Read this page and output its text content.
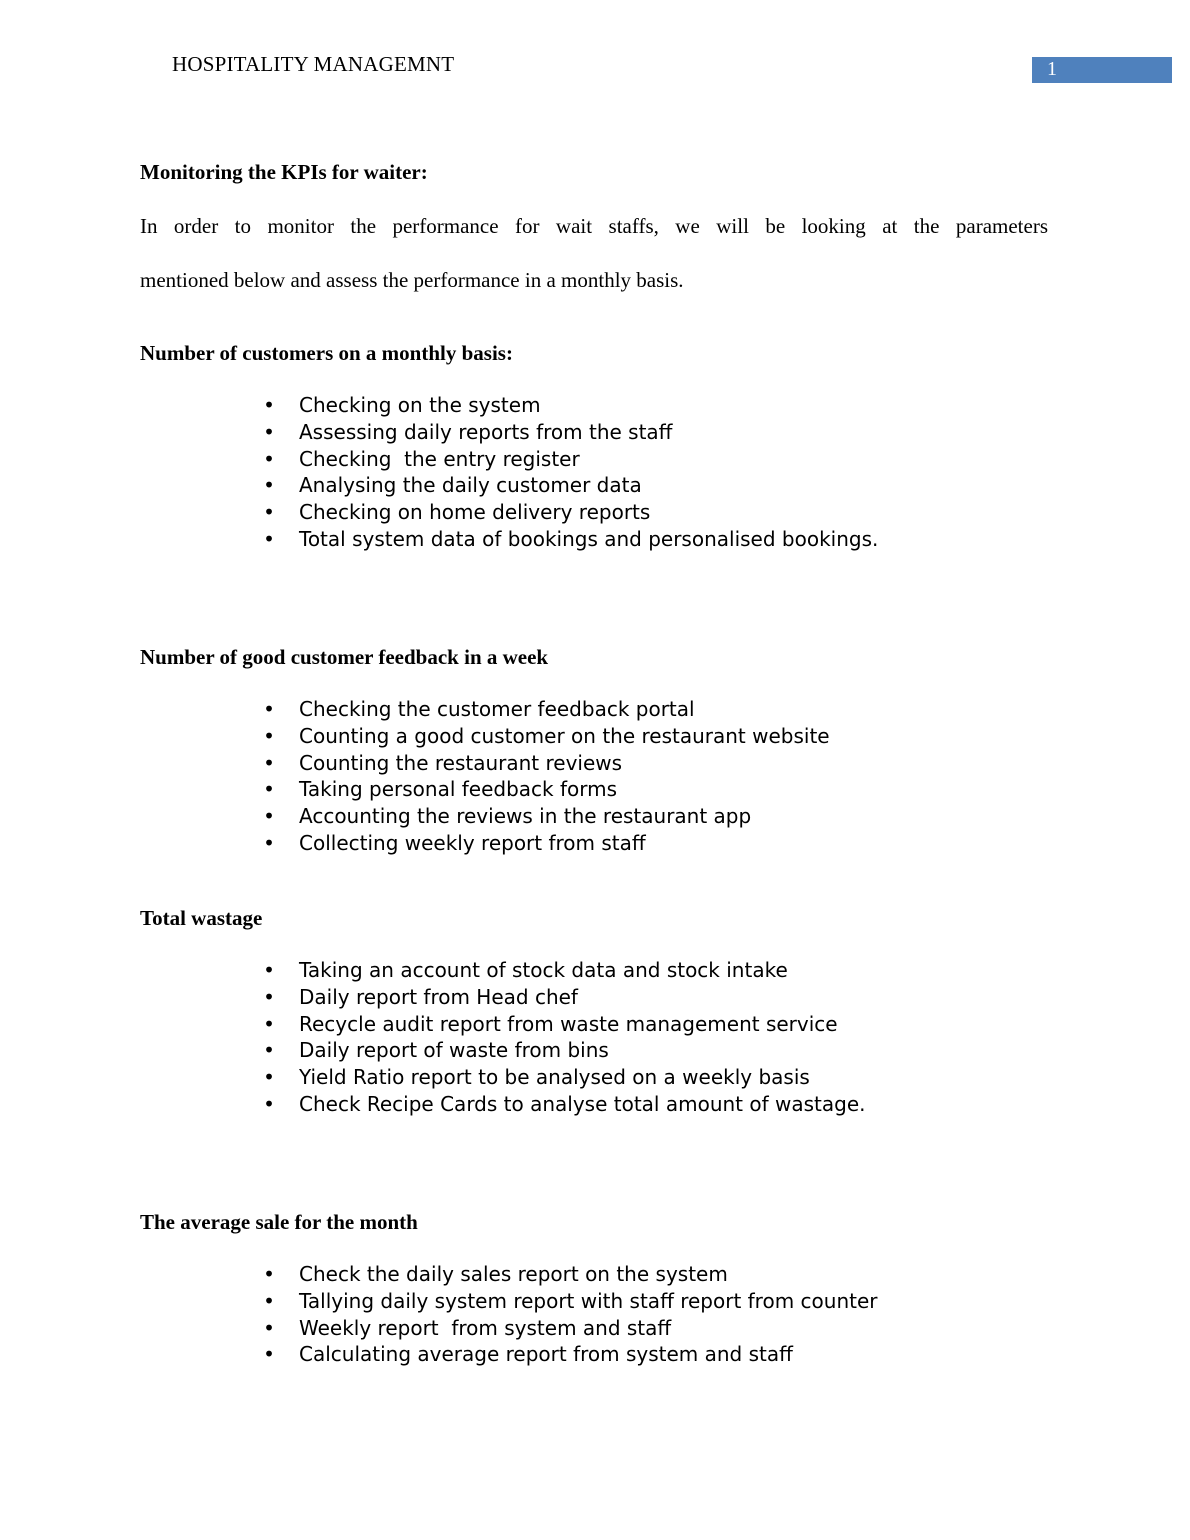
HOSPITALITY MANAGEMNT	1
Monitoring the KPIs for waiter:
In order to monitor the performance for wait staffs, we will be looking at the parameters
mentioned below and assess the performance in a monthly basis.
Number of customers on a monthly basis:
• Checking on the system
• Assessing daily reports from the staff
• Checking  the entry register
• Analysing the daily customer data
• Checking on home delivery reports
• Total system data of bookings and personalised bookings.
Number of good customer feedback in a week
• Checking the customer feedback portal
• Counting a good customer on the restaurant website
• Counting the restaurant reviews
• Taking personal feedback forms
• Accounting the reviews in the restaurant app
• Collecting weekly report from staff
Total wastage
• Taking an account of stock data and stock intake
• Daily report from Head chef
• Recycle audit report from waste management service
• Daily report of waste from bins
• Yield Ratio report to be analysed on a weekly basis
• Check Recipe Cards to analyse total amount of wastage.
The average sale for the month
• Check the daily sales report on the system
• Tallying daily system report with staff report from counter
• Weekly report  from system and staff
• Calculating average report from system and staff
